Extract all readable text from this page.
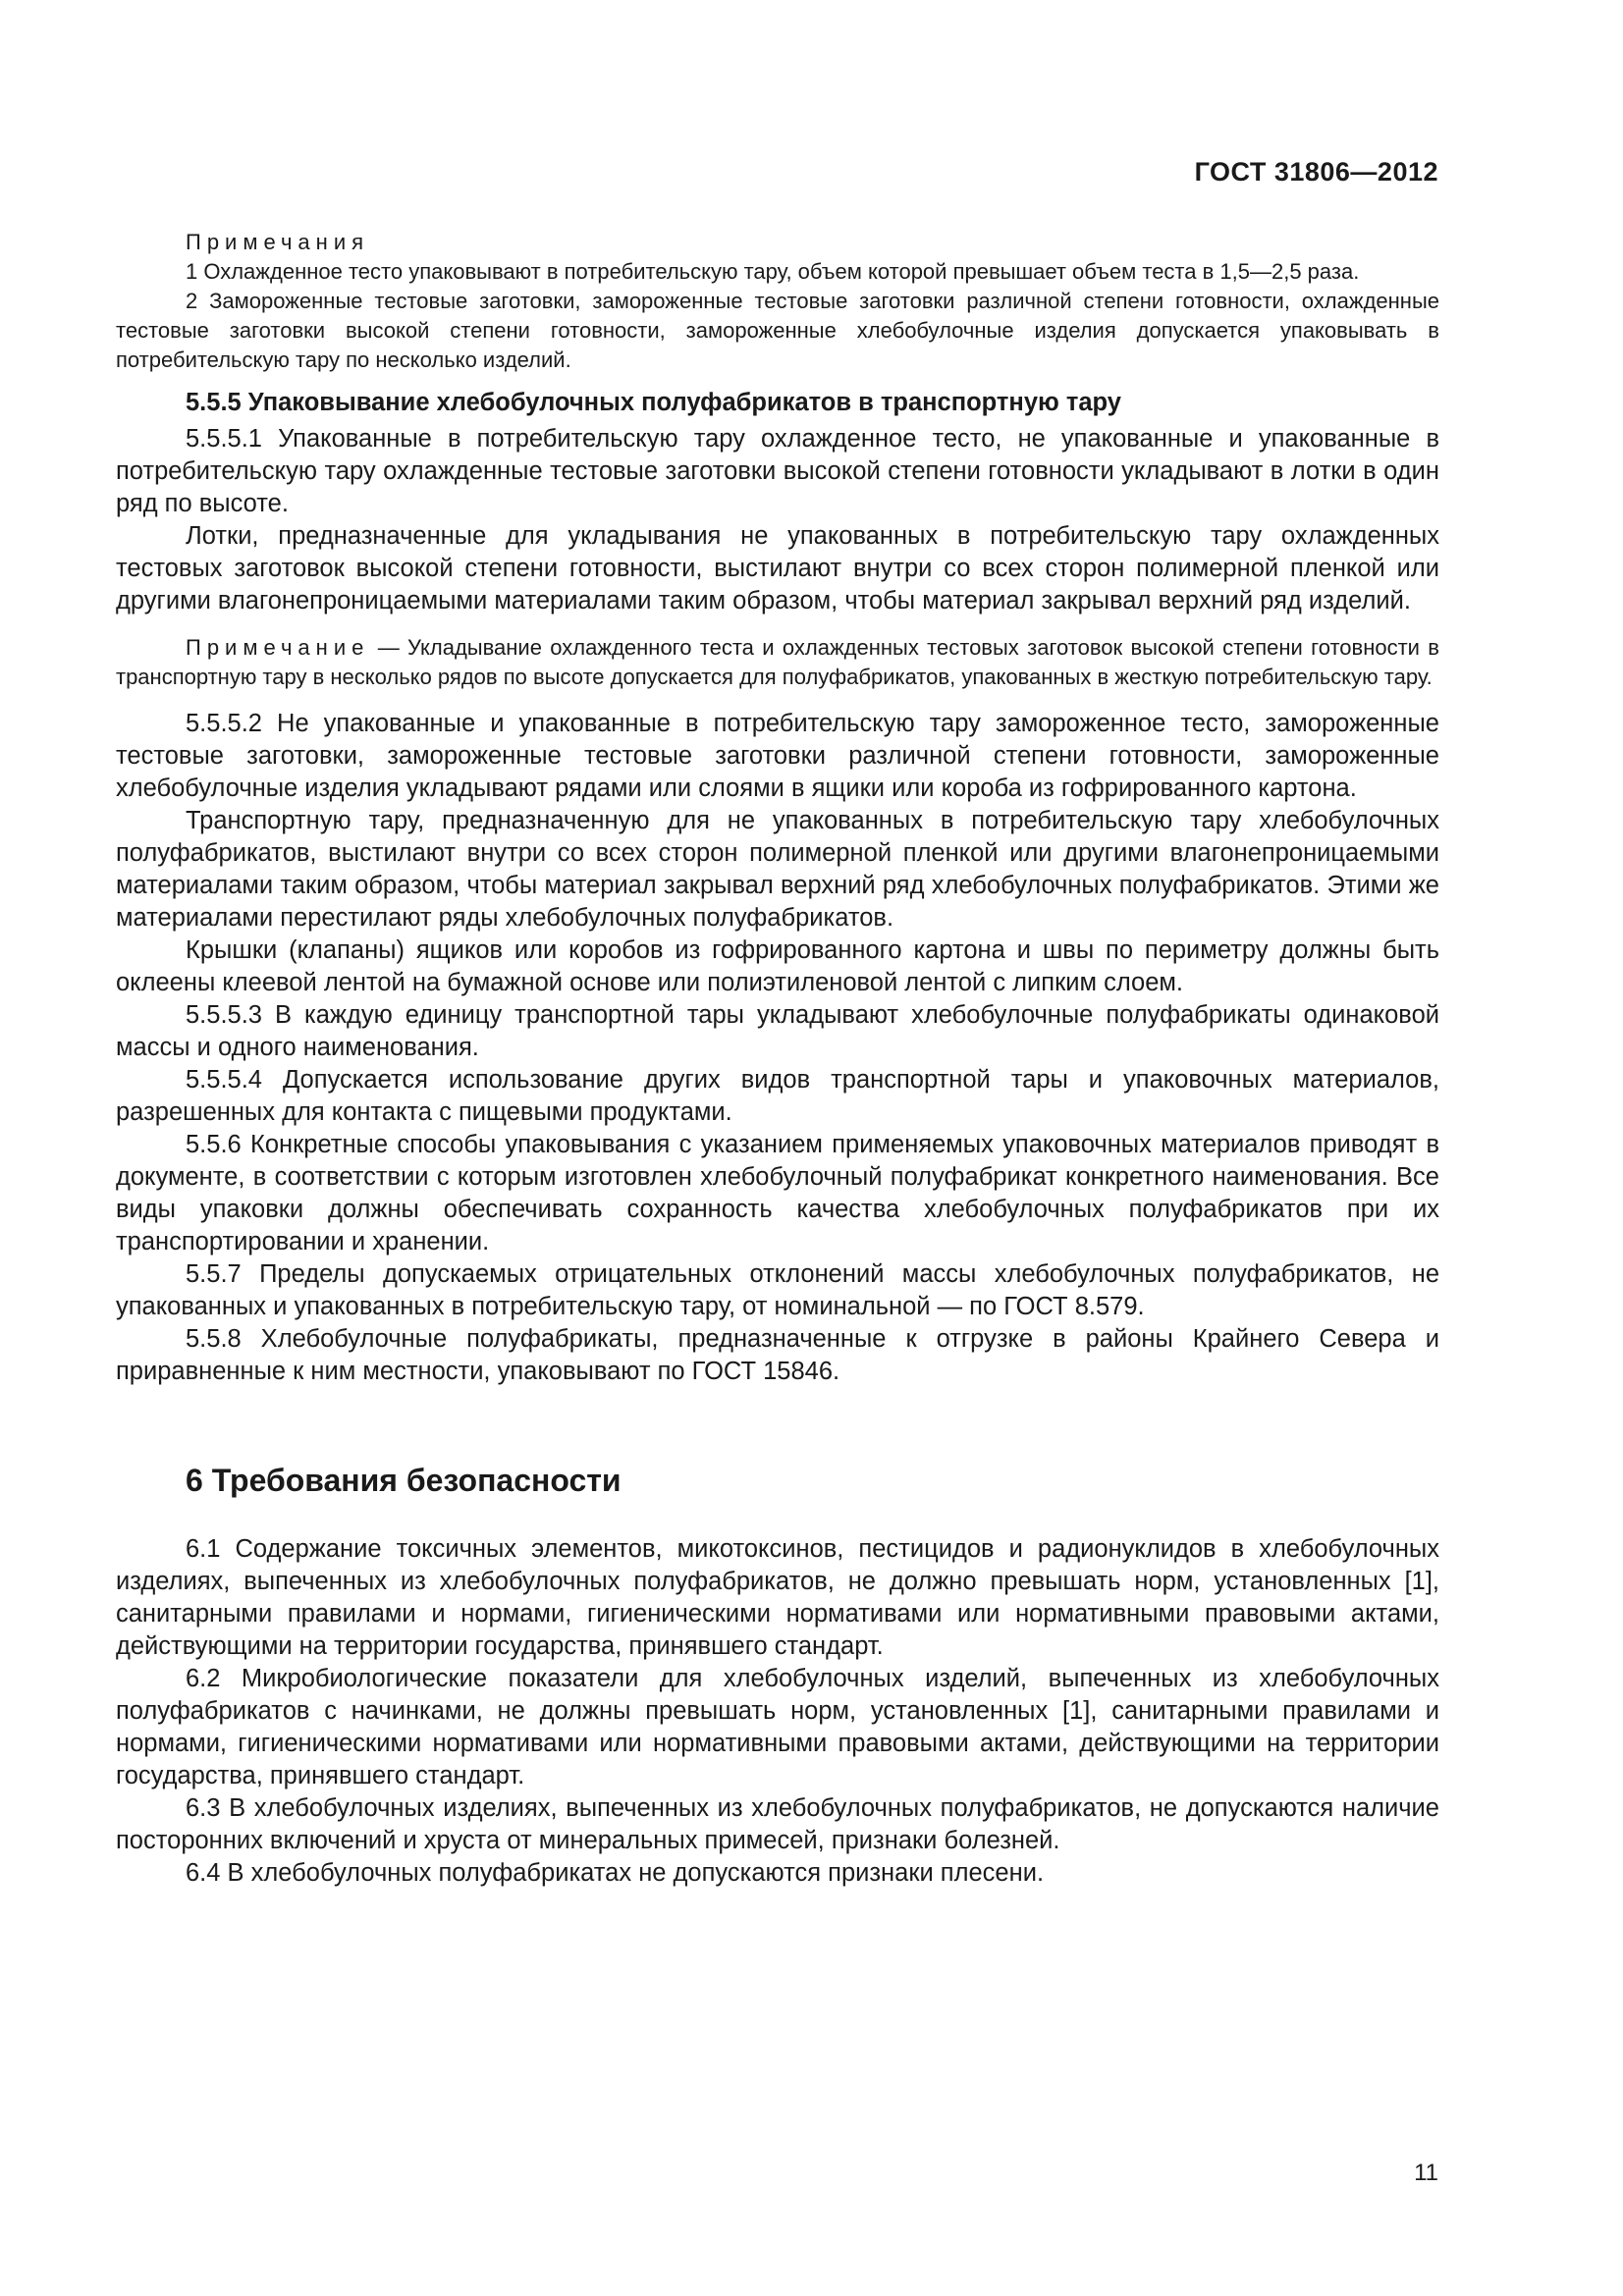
ГОСТ 31806—2012

Примечания

1 Охлажденное тесто упаковывают в потребительскую тару, объем которой превышает объем теста в 1,5—2,5 раза.

2 Замороженные тестовые заготовки, замороженные тестовые заготовки различной степени готовности, охлажденные тестовые заготовки высокой степени готовности, замороженные хлебобулочные изделия допускается упаковывать в потребительскую тару по несколько изделий.

5.5.5 Упаковывание хлебобулочных полуфабрикатов в транспортную тару

5.5.5.1 Упакованные в потребительскую тару охлажденное тесто, не упакованные и упакованные в потребительскую тару охлажденные тестовые заготовки высокой степени готовности укладывают в лотки в один ряд по высоте.

Лотки, предназначенные для укладывания не упакованных в потребительскую тару охлажденных тестовых заготовок высокой степени готовности, выстилают внутри со всех сторон полимерной пленкой или другими влагонепроницаемыми материалами таким образом, чтобы материал закрывал верхний ряд изделий.

Примечание — Укладывание охлажденного теста и охлажденных тестовых заготовок высокой степени готовности в транспортную тару в несколько рядов по высоте допускается для полуфабрикатов, упакованных в жесткую потребительскую тару.

5.5.5.2 Не упакованные и упакованные в потребительскую тару замороженное тесто, замороженные тестовые заготовки, замороженные тестовые заготовки различной степени готовности, замороженные хлебобулочные изделия укладывают рядами или слоями в ящики или короба из гофрированного картона.

Транспортную тару, предназначенную для не упакованных в потребительскую тару хлебобулочных полуфабрикатов, выстилают внутри со всех сторон полимерной пленкой или другими влагонепроницаемыми материалами таким образом, чтобы материал закрывал верхний ряд хлебобулочных полуфабрикатов. Этими же материалами перестилают ряды хлебобулочных полуфабрикатов.

Крышки (клапаны) ящиков или коробов из гофрированного картона и швы по периметру должны быть оклеены клеевой лентой на бумажной основе или полиэтиленовой лентой с липким слоем.

5.5.5.3 В каждую единицу транспортной тары укладывают хлебобулочные полуфабрикаты одинаковой массы и одного наименования.

5.5.5.4 Допускается использование других видов транспортной тары и упаковочных материалов, разрешенных для контакта с пищевыми продуктами.

5.5.6 Конкретные способы упаковывания с указанием применяемых упаковочных материалов приводят в документе, в соответствии с которым изготовлен хлебобулочный полуфабрикат конкретного наименования. Все виды упаковки должны обеспечивать сохранность качества хлебобулочных полуфабрикатов при их транспортировании и хранении.

5.5.7 Пределы допускаемых отрицательных отклонений массы хлебобулочных полуфабрикатов, не упакованных и упакованных в потребительскую тару, от номинальной — по ГОСТ 8.579.

5.5.8 Хлебобулочные полуфабрикаты, предназначенные к отгрузке в районы Крайнего Севера и приравненные к ним местности, упаковывают по ГОСТ 15846.

6 Требования безопасности

6.1 Содержание токсичных элементов, микотоксинов, пестицидов и радионуклидов в хлебобулочных изделиях, выпеченных из хлебобулочных полуфабрикатов, не должно превышать норм, установленных [1], санитарными правилами и нормами, гигиеническими нормативами или нормативными правовыми актами, действующими на территории государства, принявшего стандарт.

6.2 Микробиологические показатели для хлебобулочных изделий, выпеченных из хлебобулочных полуфабрикатов с начинками, не должны превышать норм, установленных [1], санитарными правилами и нормами, гигиеническими нормативами или нормативными правовыми актами, действующими на территории государства, принявшего стандарт.

6.3 В хлебобулочных изделиях, выпеченных из хлебобулочных полуфабрикатов, не допускаются наличие посторонних включений и хруста от минеральных примесей, признаки болезней.

6.4 В хлебобулочных полуфабрикатах не допускаются признаки плесени.

11
